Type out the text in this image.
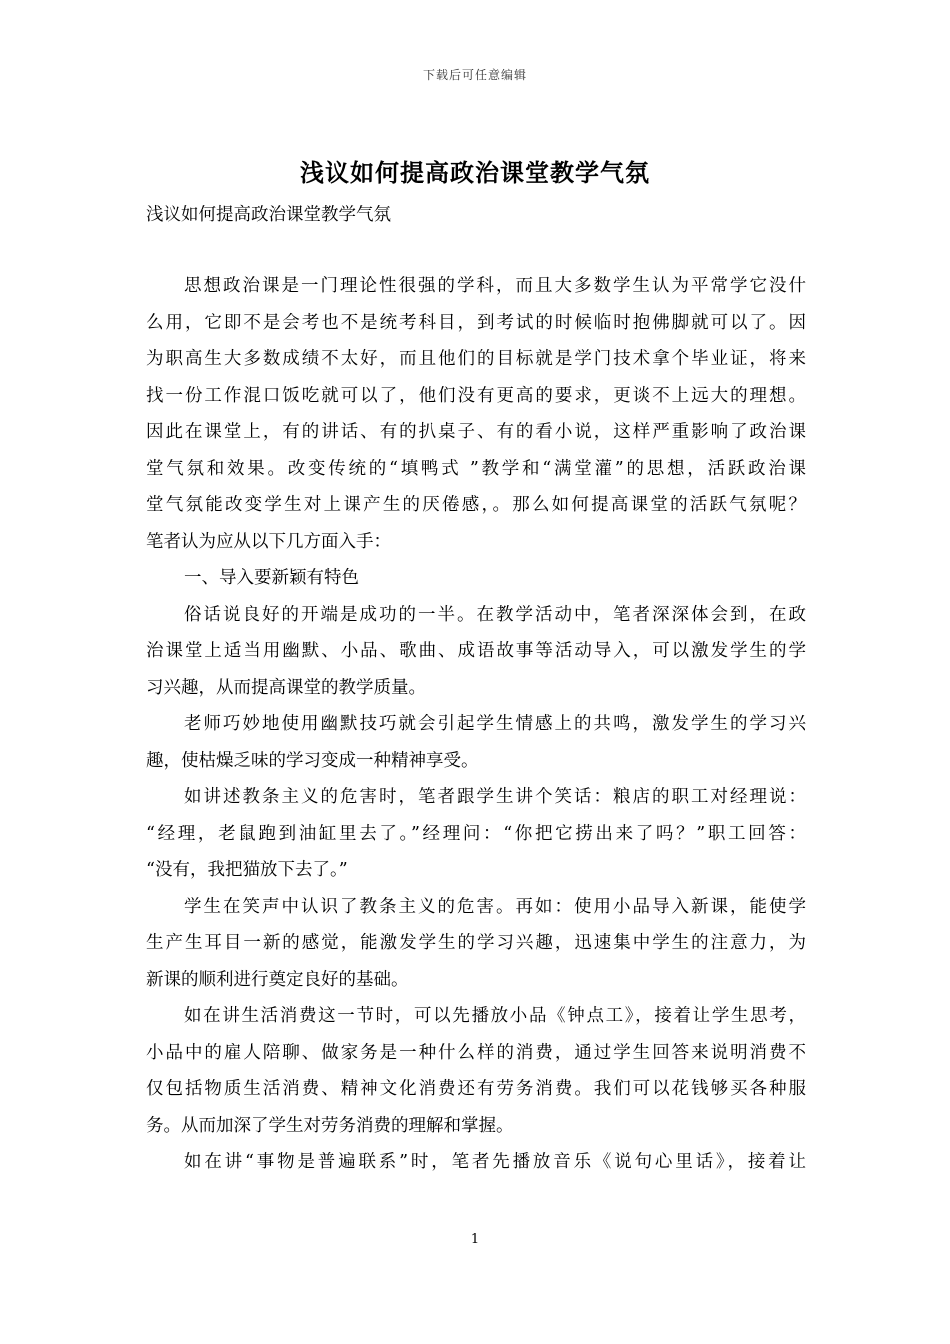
下载后可任意编辑
浅议如何提高政治课堂教学气氛
浅议如何提高政治课堂教学气氛
思想政治课是一门理论性很强的学科，而且大多数学生认为平常学它没什
么用，它即不是会考也不是统考科目，到考试的时候临时抱佛脚就可以了。因
为职高生大多数成绩不太好，而且他们的目标就是学门技术拿个毕业证，将来
找一份工作混口饭吃就可以了，他们没有更高的要求，更谈不上远大的理想。
因此在课堂上，有的讲话、有的扒桌子、有的看小说，这样严重影响了政治课
堂气氛和效果。改变传统的“填鸭式 ”教学和“满堂灌”的思想，活跃政治课
堂气氛能改变学生对上课产生的厌倦感，。那么如何提高课堂的活跃气氛呢？
笔者认为应从以下几方面入手：
一、导入要新颖有特色
俗话说良好的开端是成功的一半。在教学活动中，笔者深深体会到，在政
治课堂上适当用幽默、小品、歌曲、成语故事等活动导入，可以激发学生的学
习兴趣，从而提高课堂的教学质量。
老师巧妙地使用幽默技巧就会引起学生情感上的共鸣，激发学生的学习兴
趣，使枯燥乏味的学习变成一种精神享受。
如讲述教条主义的危害时，笔者跟学生讲个笑话：粮店的职工对经理说：
“经理，老鼠跑到油缸里去了。”经理问：“你把它捞出来了吗？”职工回答：
“没有，我把猫放下去了。”
学生在笑声中认识了教条主义的危害。再如：使用小品导入新课，能使学
生产生耳目一新的感觉，能激发学生的学习兴趣，迅速集中学生的注意力，为
新课的顺利进行奠定良好的基础。
如在讲生活消费这一节时，可以先播放小品《钟点工》，接着让学生思考，
小品中的雇人陪聊、做家务是一种什么样的消费，通过学生回答来说明消费不
仅包括物质生活消费、精神文化消费还有劳务消费。我们可以花钱够买各种服
务。从而加深了学生对劳务消费的理解和掌握。
如在讲“事物是普遍联系”时，笔者先播放音乐《说句心里话》，接着让
1
